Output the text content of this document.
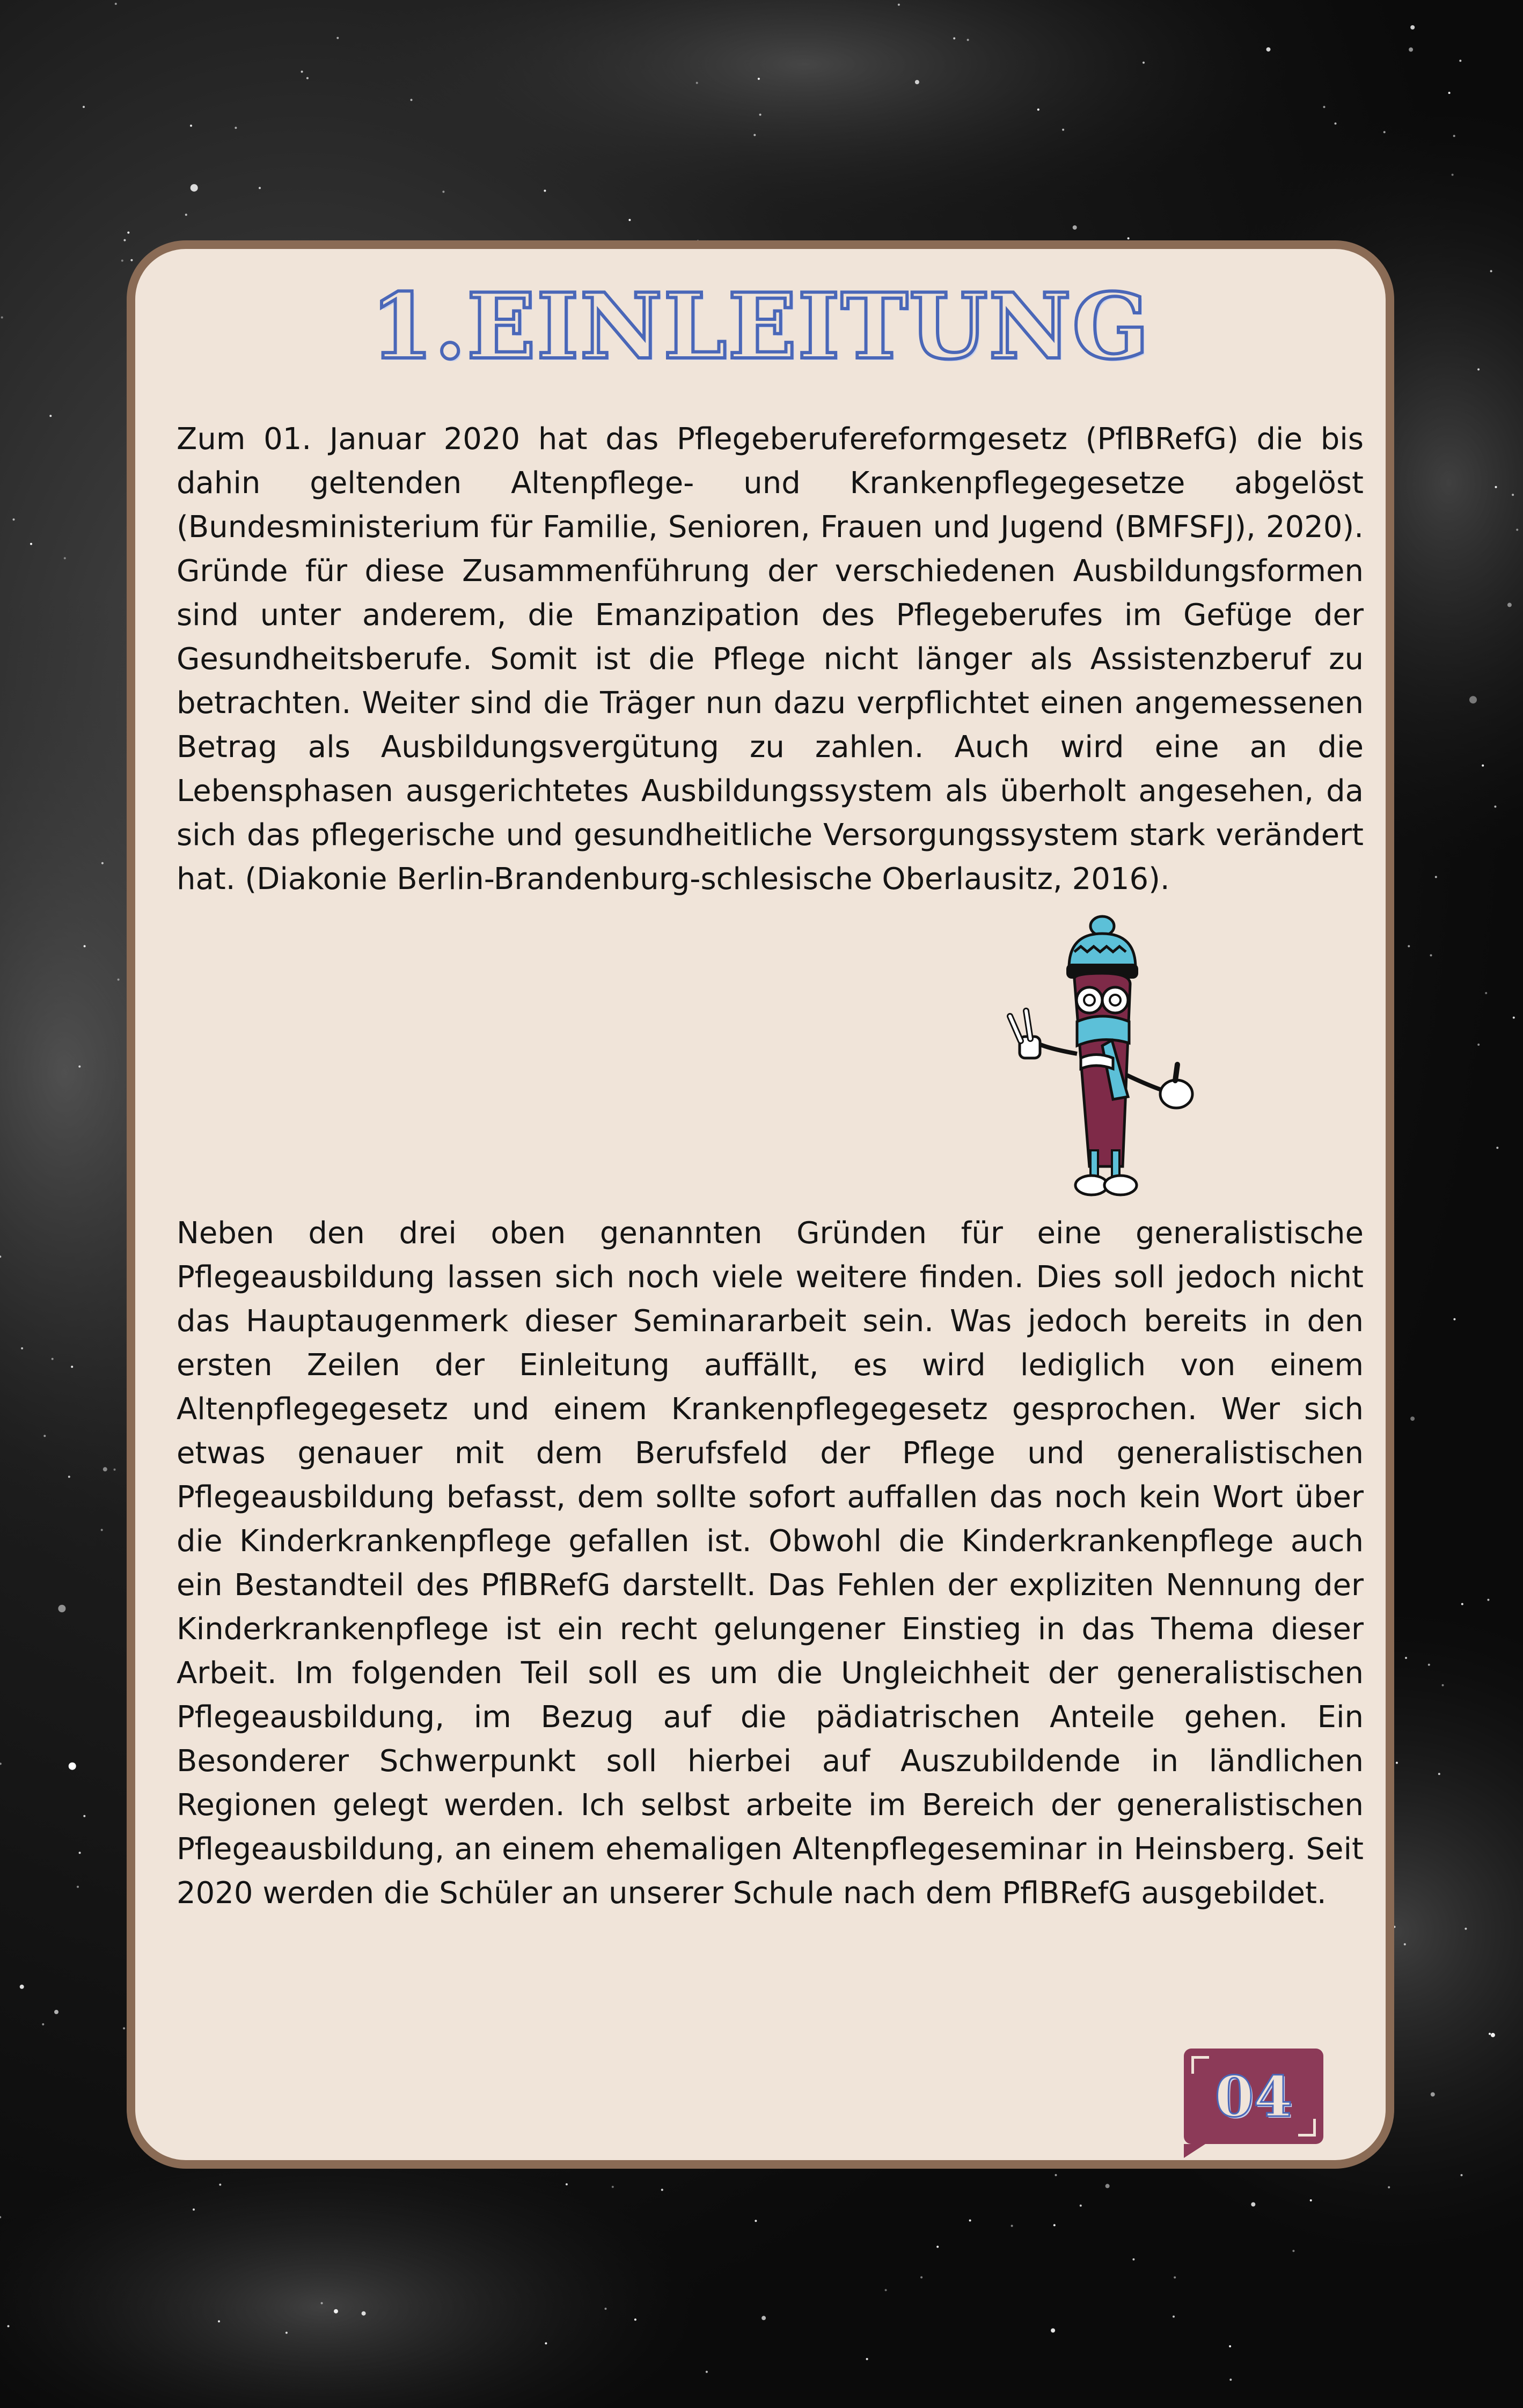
1.EINLEITUNG

Zum 01. Januar 2020 hat das Pflegeberufereformgesetz (PflBRefG) die bis dahin geltenden Altenpflege- und Krankenpflegegesetze abgelöst (Bundesministerium für Familie, Senioren, Frauen und Jugend (BMFSFJ), 2020). Gründe für diese Zusammenführung der verschiedenen Ausbildungsformen sind unter anderem, die Emanzipation des Pflegeberufes im Gefüge der Gesundheitsberufe. Somit ist die Pflege nicht länger als Assistenzberuf zu betrachten. Weiter sind die Träger nun dazu verpflichtet einen angemessenen Betrag als Ausbildungsvergütung zu zahlen. Auch wird eine an die Lebensphasen ausgerichtetes Ausbildungssystem als überholt angesehen, da sich das pflegerische und gesundheitliche Versorgungssystem stark verändert hat. (Diakonie Berlin-Brandenburg-schlesische Oberlausitz, 2016).

Neben den drei oben genannten Gründen für eine generalistische Pflegeausbildung lassen sich noch viele weitere finden. Dies soll jedoch nicht das Hauptaugenmerk dieser Seminararbeit sein. Was jedoch bereits in den ersten Zeilen der Einleitung auffällt, es wird lediglich von einem Altenpflegegesetz und einem Krankenpflegegesetz gesprochen. Wer sich etwas genauer mit dem Berufsfeld der Pflege und generalistischen Pflegeausbildung befasst, dem sollte sofort auffallen das noch kein Wort über die Kinderkrankenpflege gefallen ist. Obwohl die Kinderkrankenpflege auch ein Bestandteil des PflBRefG darstellt. Das Fehlen der expliziten Nennung der Kinderkrankenpflege ist ein recht gelungener Einstieg in das Thema dieser Arbeit. Im folgenden Teil soll es um die Ungleichheit der generalistischen Pflegeausbildung, im Bezug auf die pädiatrischen Anteile gehen. Ein Besonderer Schwerpunkt soll hierbei auf Auszubildende in ländlichen Regionen gelegt werden. Ich selbst arbeite im Bereich der generalistischen Pflegeausbildung, an einem ehemaligen Altenpflegeseminar in Heinsberg. Seit 2020 werden die Schüler an unserer Schule nach dem PflBRefG ausgebildet.

04
